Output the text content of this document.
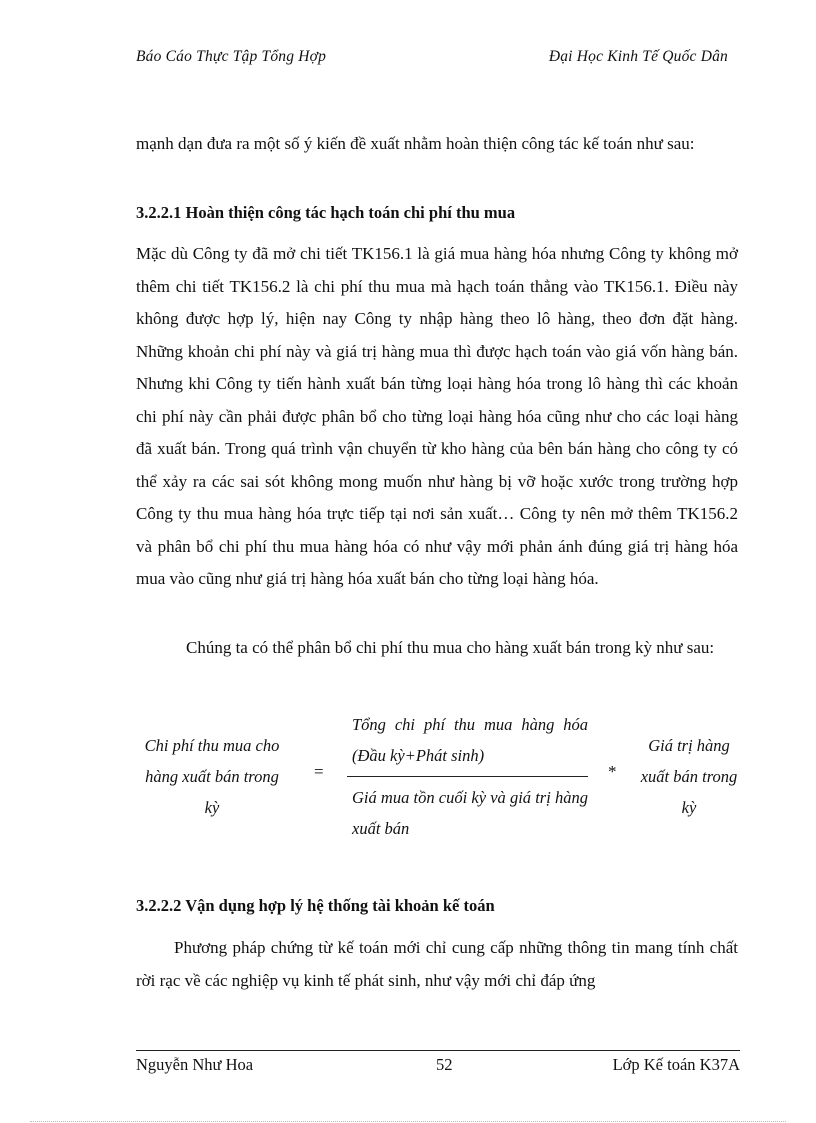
Báo Cáo Thực Tập Tổng Hợp	Đại Học Kinh Tế Quốc Dân
mạnh dạn đưa ra một số ý kiến đề xuất nhằm hoàn thiện công tác kế toán như sau:
3.2.2.1 Hoàn thiện công tác hạch toán chi phí thu mua
Mặc dù Công ty đã mở chi tiết TK156.1 là giá mua hàng hóa nhưng Công ty không mở thêm chi tiết TK156.2 là chi phí thu mua mà hạch toán thẳng vào TK156.1. Điều này không được hợp lý, hiện nay Công ty nhập hàng theo lô hàng, theo đơn đặt hàng. Những khoản chi phí này và giá trị hàng mua thì được hạch toán vào giá vốn hàng bán. Nhưng khi Công ty tiến hành xuất bán từng loại hàng hóa trong lô hàng thì các khoản chi phí này cần phải được phân bổ cho từng loại hàng hóa cũng như cho các loại hàng đã xuất bán. Trong quá trình vận chuyển từ kho hàng của bên bán hàng cho công ty có thể xảy ra các sai sót không mong muốn như hàng bị vỡ hoặc xước trong trường hợp Công ty thu mua hàng hóa trực tiếp tại nơi sản xuất… Công ty nên mở thêm TK156.2 và phân bổ chi phí thu mua hàng hóa có như vậy mới phản ánh đúng giá trị hàng hóa mua vào cũng như giá trị hàng hóa xuất bán cho từng loại hàng hóa.
Chúng ta có thể phân bổ chi phí thu mua cho hàng xuất bán trong kỳ như sau:
Chi phí thu mua cho hàng xuất bán trong kỳ
=
Tổng chi phí thu mua hàng hóa (Đầu kỳ+Phát sinh)
Giá mua tồn cuối kỳ và giá trị hàng xuất bán
*
Giá trị hàng xuất bán trong kỳ
3.2.2.2 Vận dụng hợp lý hệ thống tài khoản kế toán
Phương pháp chứng từ kế toán mới chỉ cung cấp những thông tin mang tính chất rời rạc về các nghiệp vụ kinh tế phát sinh, như vậy mới chỉ đáp ứng
Nguyễn Như Hoa	52	Lớp Kế toán K37A
